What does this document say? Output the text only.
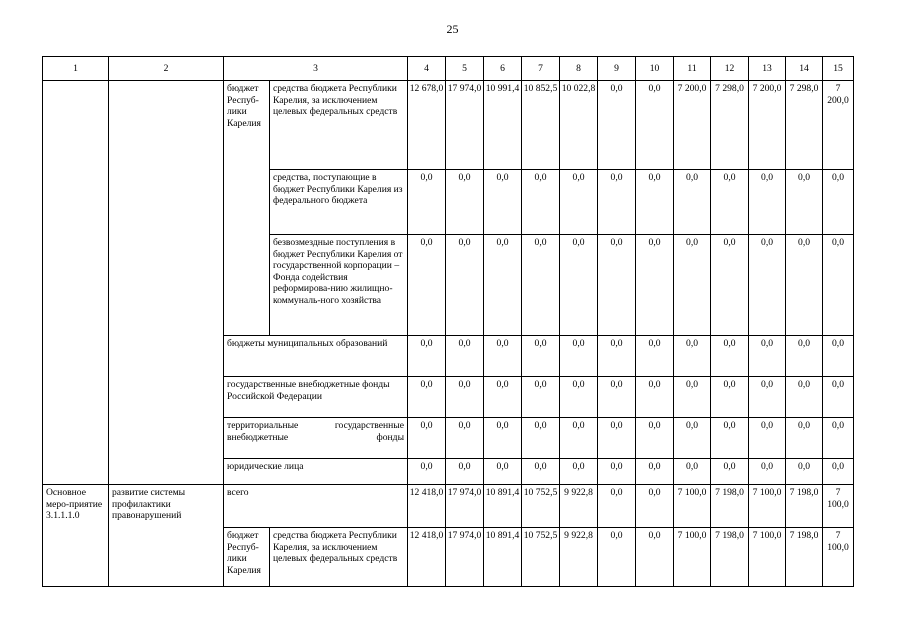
25
1	2	3		4	5	6	7	8	9	10	11	12	13	14	15
		бюджет Респуб-лики Карелия	средства бюджета Республики Карелия, за исключением целевых федеральных средств	12 678,0	17 974,0	10 991,4	10 852,5	10 022,8	0,0	0,0	7 200,0	7 298,0	7 200,0	7 298,0	7 200,0
			средства, поступающие в бюджет Республики Карелия из федерального бюджета	0,0	0,0	0,0	0,0	0,0	0,0	0,0	0,0	0,0	0,0	0,0	0,0
			безвозмездные поступления в бюджет Республики Карелия от государственной корпорации – Фонда содействия реформирова-нию жилищно-коммуналь-ного хозяйства	0,0	0,0	0,0	0,0	0,0	0,0	0,0	0,0	0,0	0,0	0,0	0,0
		бюджеты муниципальных образований		0,0	0,0	0,0	0,0	0,0	0,0	0,0	0,0	0,0	0,0	0,0	0,0
		государственные внебюджетные фонды Российской Федерации		0,0	0,0	0,0	0,0	0,0	0,0	0,0	0,0	0,0	0,0	0,0	0,0
		территориальные государственные внебюджетные фонды		0,0	0,0	0,0	0,0	0,0	0,0	0,0	0,0	0,0	0,0	0,0	0,0
		юридические лица		0,0	0,0	0,0	0,0	0,0	0,0	0,0	0,0	0,0	0,0	0,0	0,0
Основное меро-приятие 3.1.1.1.0	развитие системы профилактики правонарушений	всего		12 418,0	17 974,0	10 891,4	10 752,5	9 922,8	0,0	0,0	7 100,0	7 198,0	7 100,0	7 198,0	7 100,0
		бюджет Респуб-лики Карелия	средства бюджета Республики Карелия, за исключением целевых федеральных средств	12 418,0	17 974,0	10 891,4	10 752,5	9 922,8	0,0	0,0	7 100,0	7 198,0	7 100,0	7 198,0	7 100,0
